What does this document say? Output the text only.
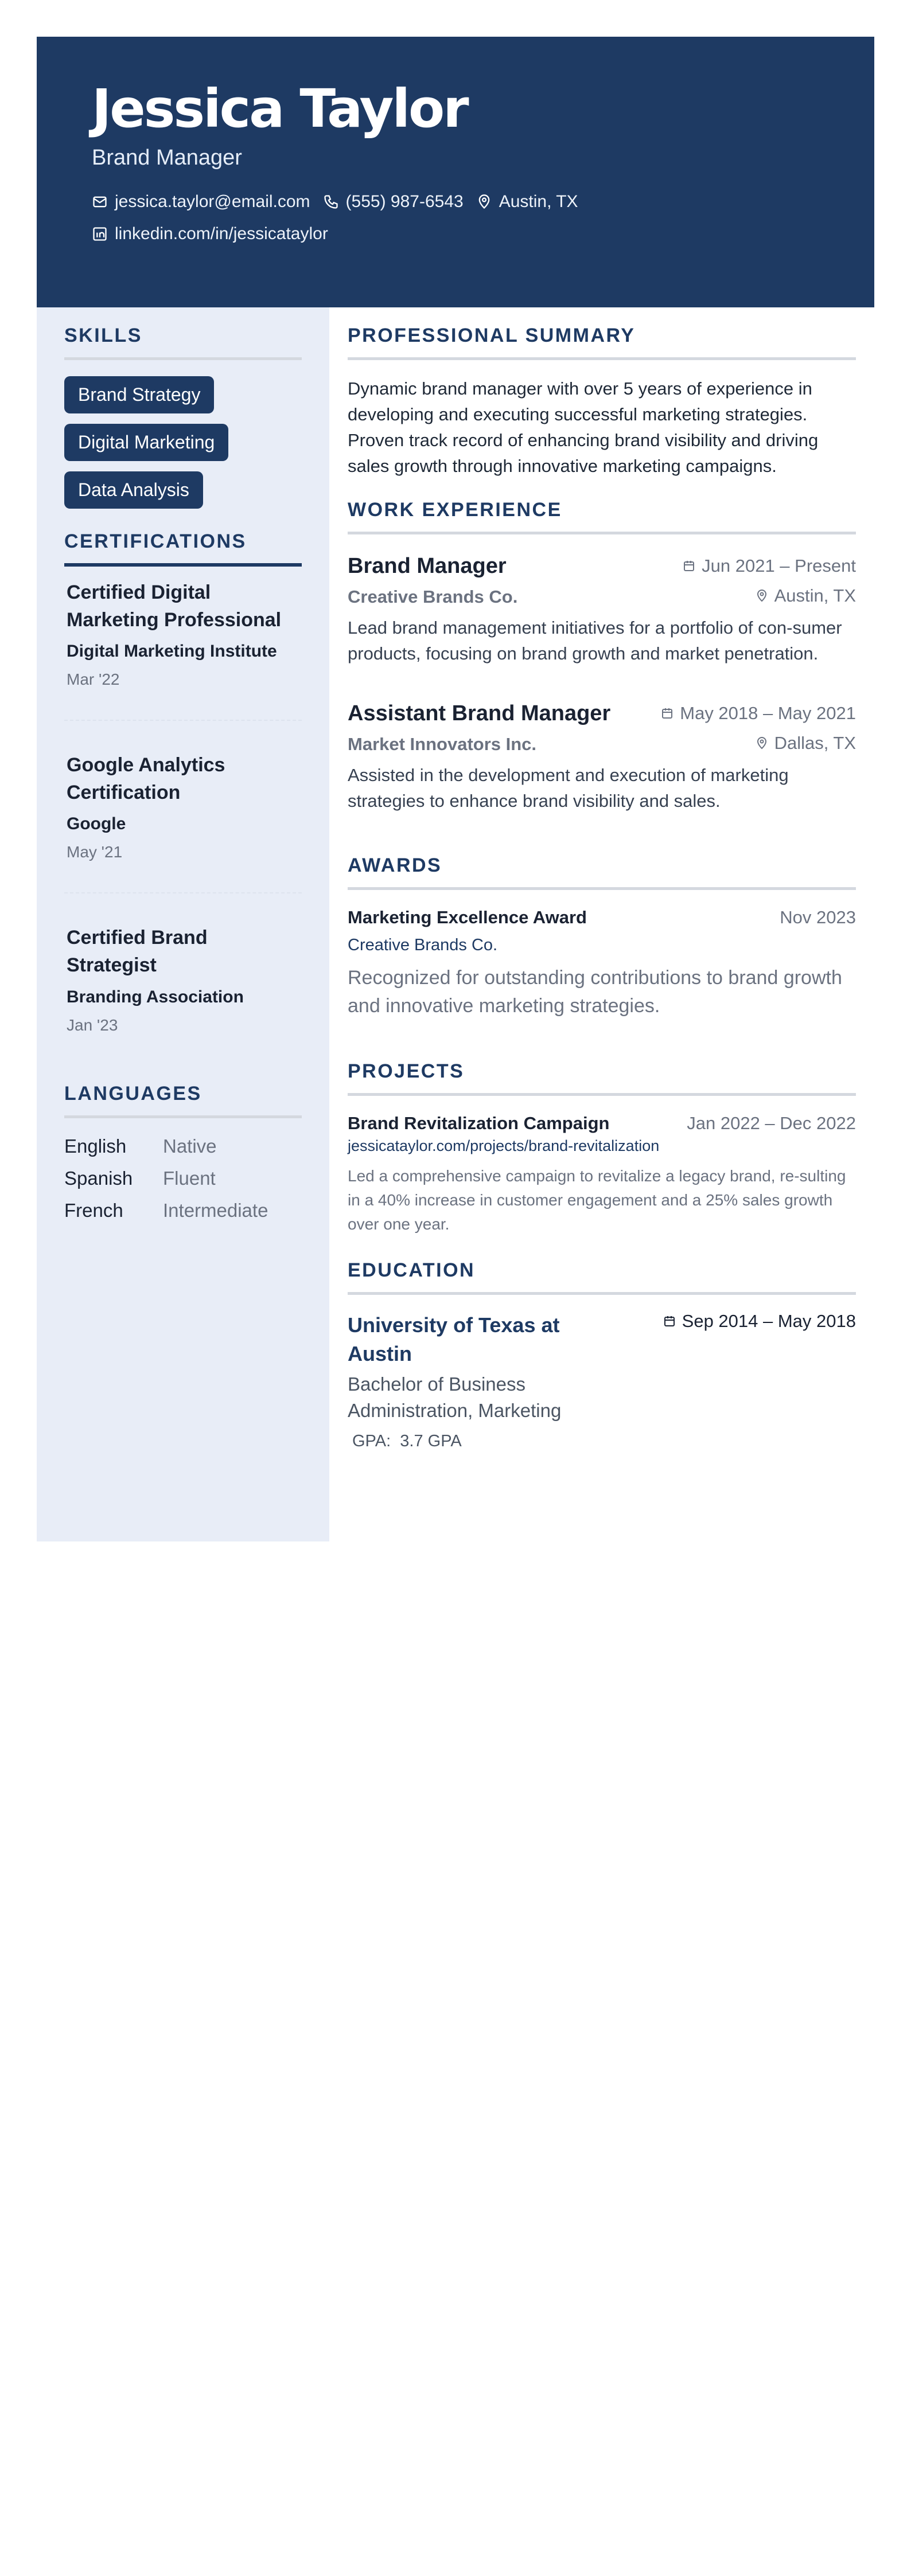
Jessica Taylor
Brand Manager
jessica.taylor@email.com (555) 987-6543 Austin, TX
linkedin.com/in/jessicataylor
SKILLS
Brand Strategy
Digital Marketing
Data Analysis
CERTIFICATIONS
Certified Digital Marketing Professional
Digital Marketing Institute
Mar '22
Google Analytics Certification
Google
May '21
Certified Brand Strategist
Branding Association
Jan '23
LANGUAGES
English	Native
Spanish	Fluent
French	Intermediate
PROFESSIONAL SUMMARY
Dynamic brand manager with over 5 years of experience in developing and executing successful marketing strategies. Proven track record of enhancing brand visibility and driving sales growth through innovative marketing campaigns.
WORK EXPERIENCE
Brand Manager	Jun 2021 – Present
Creative Brands Co.	Austin, TX
Lead brand management initiatives for a portfolio of con-sumer products, focusing on brand growth and market penetration.
Assistant Brand Manager	May 2018 – May 2021
Market Innovators Inc.	Dallas, TX
Assisted in the development and execution of marketing strategies to enhance brand visibility and sales.
AWARDS
Marketing Excellence Award	Nov 2023
Creative Brands Co.
Recognized for outstanding contributions to brand growth and innovative marketing strategies.
PROJECTS
Brand Revitalization Campaign	Jan 2022 – Dec 2022
jessicataylor.com/projects/brand-revitalization
Led a comprehensive campaign to revitalize a legacy brand, re-sulting in a 40% increase in customer engagement and a 25% sales growth over one year.
EDUCATION
University of Texas at Austin
Sep 2014 – May 2018
Bachelor of Business Administration, Marketing
GPA: 3.7 GPA
